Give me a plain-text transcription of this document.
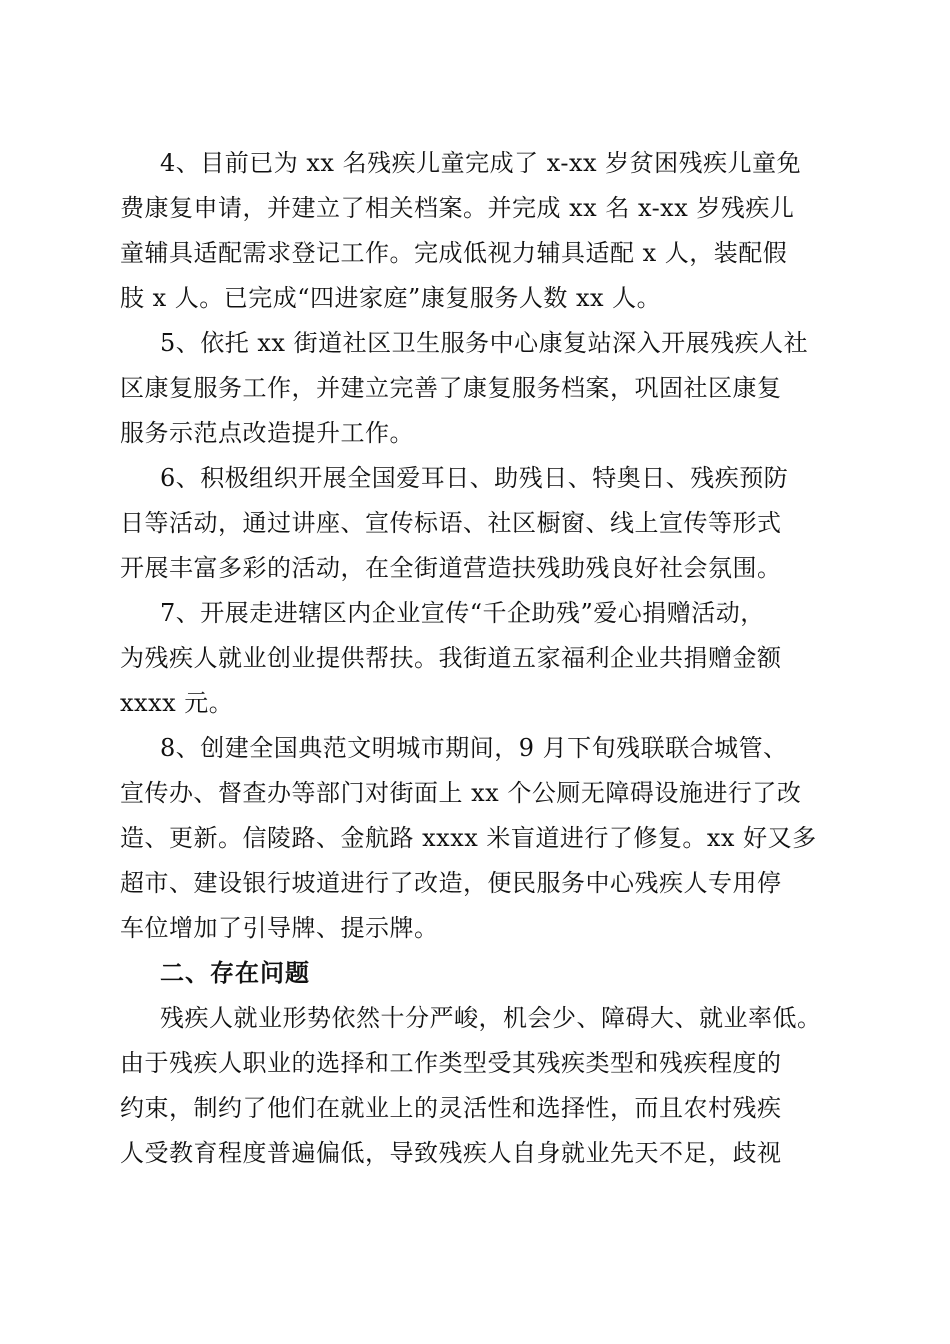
4、目前已为 xx 名残疾儿童完成了 x-xx 岁贫困残疾儿童免
费康复申请，并建立了相关档案。并完成 xx 名 x-xx 岁残疾儿
童辅具适配需求登记工作。完成低视力辅具适配 x 人，装配假
肢 x 人。已完成“四进家庭”康复服务人数 xx 人。
5、依托 xx 街道社区卫生服务中心康复站深入开展残疾人社
区康复服务工作，并建立完善了康复服务档案，巩固社区康复
服务示范点改造提升工作。
6、积极组织开展全国爱耳日、助残日、特奥日、残疾预防
日等活动，通过讲座、宣传标语、社区橱窗、线上宣传等形式
开展丰富多彩的活动，在全街道营造扶残助残良好社会氛围。
7、开展走进辖区内企业宣传“千企助残”爱心捐赠活动，
为残疾人就业创业提供帮扶。我街道五家福利企业共捐赠金额
xxxx 元。
8、创建全国典范文明城市期间，9 月下旬残联联合城管、
宣传办、督查办等部门对街面上 xx 个公厕无障碍设施进行了改
造、更新。信陵路、金航路 xxxx 米盲道进行了修复。xx 好又多
超市、建设银行坡道进行了改造，便民服务中心残疾人专用停
车位增加了引导牌、提示牌。
二、存在问题
残疾人就业形势依然十分严峻，机会少、障碍大、就业率低。
由于残疾人职业的选择和工作类型受其残疾类型和残疾程度的
约束，制约了他们在就业上的灵活性和选择性，而且农村残疾
人受教育程度普遍偏低，导致残疾人自身就业先天不足，歧视
